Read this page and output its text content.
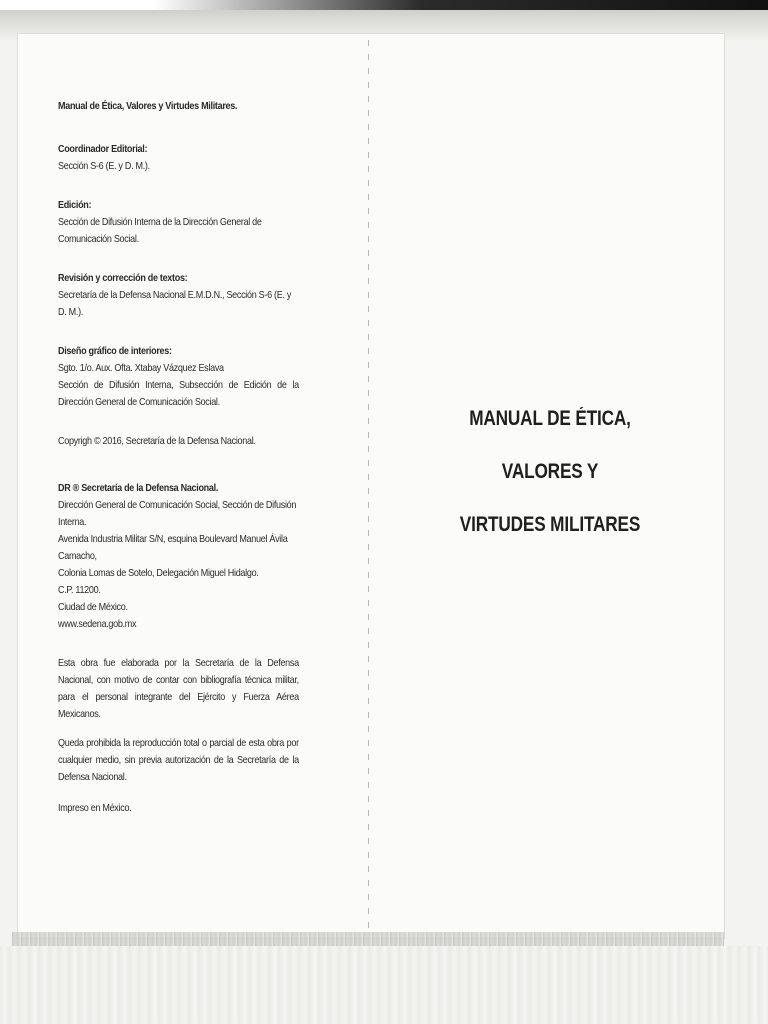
Manual de Ética, Valores y Virtudes Militares.
Coordinador Editorial:
Sección S-6 (E. y D. M.).
Edición:
Sección de Difusión Interna de la Dirección General de Comunicación Social.
Revisión y corrección de textos:
Secretaría de la Defensa Nacional E.M.D.N., Sección S-6 (E. y D. M.).
Diseño gráfico de interiores:
Sgto. 1/o. Aux. Ofta. Xtabay Vázquez Eslava
Sección de Difusión Interna, Subsección de Edición de la Dirección General de Comunicación Social.
Copyrigh © 2016, Secretaría de la Defensa Nacional.
DR ® Secretaría de la Defensa Nacional.
Dirección General de Comunicación Social, Sección de Difusión Interna.
Avenida Industria Militar S/N, esquina Boulevard Manuel Ávila Camacho,
Colonia Lomas de Sotelo, Delegación Miguel Hidalgo.
C.P. 11200.
Ciudad de México.
www.sedena.gob.mx
Esta obra fue elaborada por la Secretaría de la Defensa Nacional, con motivo de contar con bibliografía técnica militar, para el personal integrante del Ejército y Fuerza Aérea Mexicanos.
Queda prohibida la reproducción total o parcial de esta obra por cualquier medio, sin previa autorización de la Secretaría de la Defensa Nacional.
Impreso en México.
MANUAL DE ÉTICA,
VALORES Y
VIRTUDES MILITARES
